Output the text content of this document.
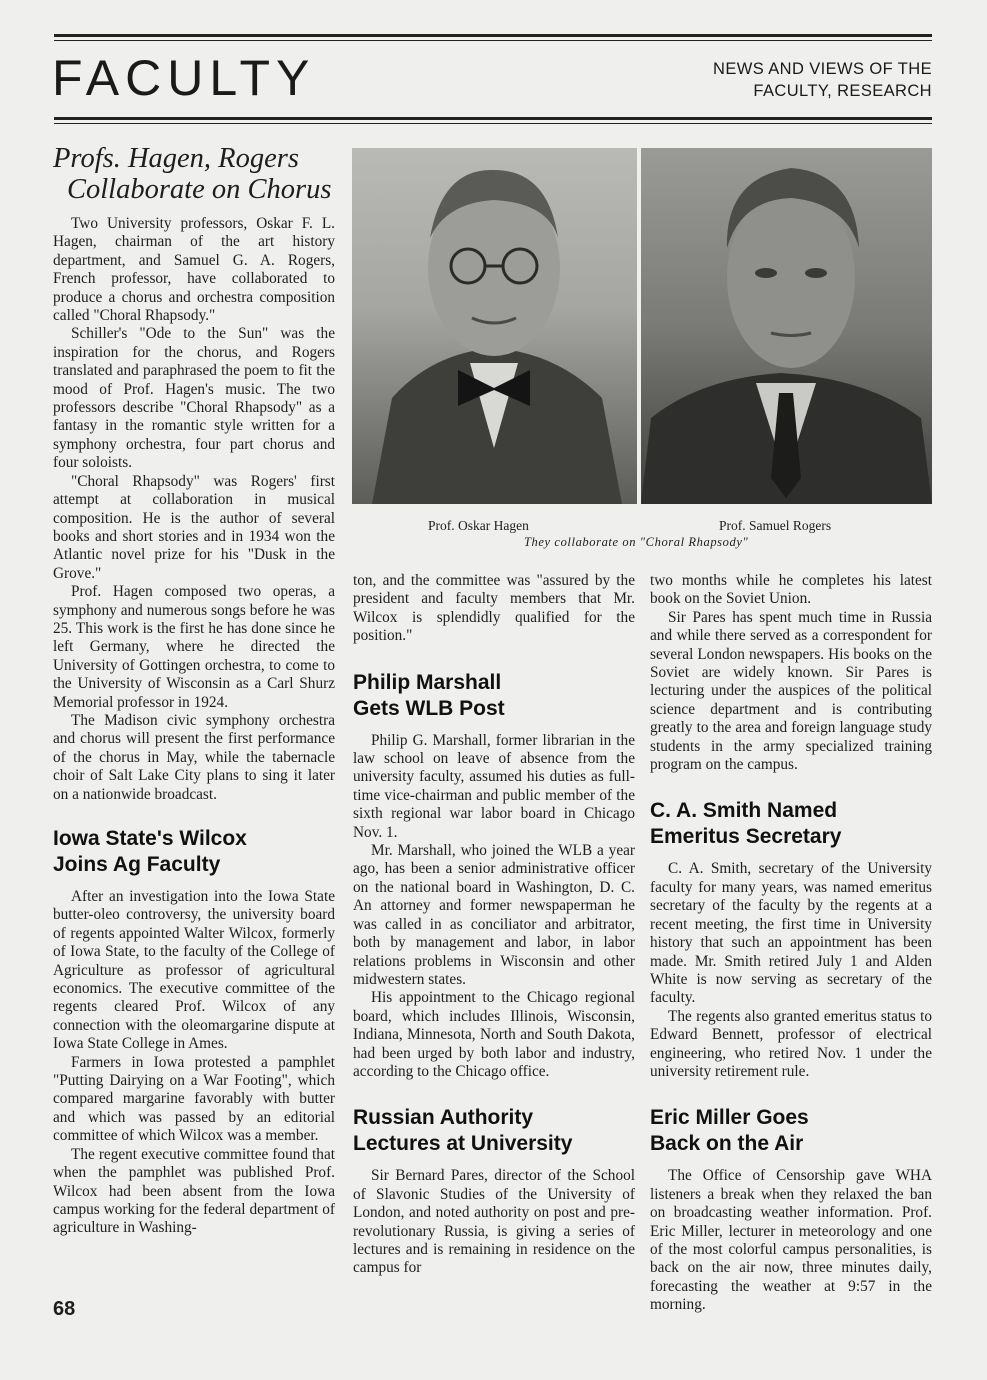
FACULTY	NEWS AND VIEWS OF THE
FACULTY, RESEARCH
Profs. Hagen, Rogers
Collaborate on Chorus

Two University professors, Oskar F. L. Hagen, chairman of the art history department, and Samuel G. A. Rogers, French professor, have collaborated to produce a chorus and orchestra composition called "Choral Rhapsody."

Schiller's "Ode to the Sun" was the inspiration for the chorus, and Rogers translated and paraphrased the poem to fit the mood of Prof. Hagen's music. The two professors describe "Choral Rhapsody" as a fantasy in the romantic style written for a symphony orchestra, four part chorus and four soloists.

"Choral Rhapsody" was Rogers' first attempt at collaboration in musical composition. He is the author of several books and short stories and in 1934 won the Atlantic novel prize for his "Dusk in the Grove."

Prof. Hagen composed two operas, a symphony and numerous songs before he was 25. This work is the first he has done since he left Germany, where he directed the University of Gottingen orchestra, to come to the University of Wisconsin as a Carl Shurz Memorial professor in 1924.

The Madison civic symphony orchestra and chorus will present the first performance of the chorus in May, while the tabernacle choir of Salt Lake City plans to sing it later on a nationwide broadcast.

Iowa State's Wilcox
Joins Ag Faculty

After an investigation into the Iowa State butter-oleo controversy, the university board of regents appointed Walter Wilcox, formerly of Iowa State, to the faculty of the College of Agriculture as professor of agricultural economics. The executive committee of the regents cleared Prof. Wilcox of any connection with the oleomargarine dispute at Iowa State College in Ames.

Farmers in Iowa protested a pamphlet "Putting Dairying on a War Footing", which compared margarine favorably with butter and which was passed by an editorial committee of which Wilcox was a member.

The regent executive committee found that when the pamphlet was published Prof. Wilcox had been absent from the Iowa campus working for the federal department of agriculture in Washing-

Prof. Oskar Hagen	Prof. Samuel Rogers
They collaborate on "Choral Rhapsody"

ton, and the committee was "assured by the president and faculty members that Mr. Wilcox is splendidly qualified for the position."

Philip Marshall
Gets WLB Post

Philip G. Marshall, former librarian in the law school on leave of absence from the university faculty, assumed his duties as full-time vice-chairman and public member of the sixth regional war labor board in Chicago Nov. 1.

Mr. Marshall, who joined the WLB a year ago, has been a senior administrative officer on the national board in Washington, D. C. An attorney and former newspaperman he was called in as conciliator and arbitrator, both by management and labor, in labor relations problems in Wisconsin and other midwestern states.

His appointment to the Chicago regional board, which includes Illinois, Wisconsin, Indiana, Minnesota, North and South Dakota, had been urged by both labor and industry, according to the Chicago office.

Russian Authority
Lectures at University

Sir Bernard Pares, director of the School of Slavonic Studies of the University of London, and noted authority on post and pre-revolutionary Russia, is giving a series of lectures and is remaining in residence on the campus for

two months while he completes his latest book on the Soviet Union.

Sir Pares has spent much time in Russia and while there served as a correspondent for several London newspapers. His books on the Soviet are widely known. Sir Pares is lecturing under the auspices of the political science department and is contributing greatly to the area and foreign language study students in the army specialized training program on the campus.

C. A. Smith Named
Emeritus Secretary

C. A. Smith, secretary of the University faculty for many years, was named emeritus secretary of the faculty by the regents at a recent meeting, the first time in University history that such an appointment has been made. Mr. Smith retired July 1 and Alden White is now serving as secretary of the faculty.

The regents also granted emeritus status to Edward Bennett, professor of electrical engineering, who retired Nov. 1 under the university retirement rule.

Eric Miller Goes
Back on the Air

The Office of Censorship gave WHA listeners a break when they relaxed the ban on broadcasting weather information. Prof. Eric Miller, lecturer in meteorology and one of the most colorful campus personalities, is back on the air now, three minutes daily, forecasting the weather at 9:57 in the morning.

68
